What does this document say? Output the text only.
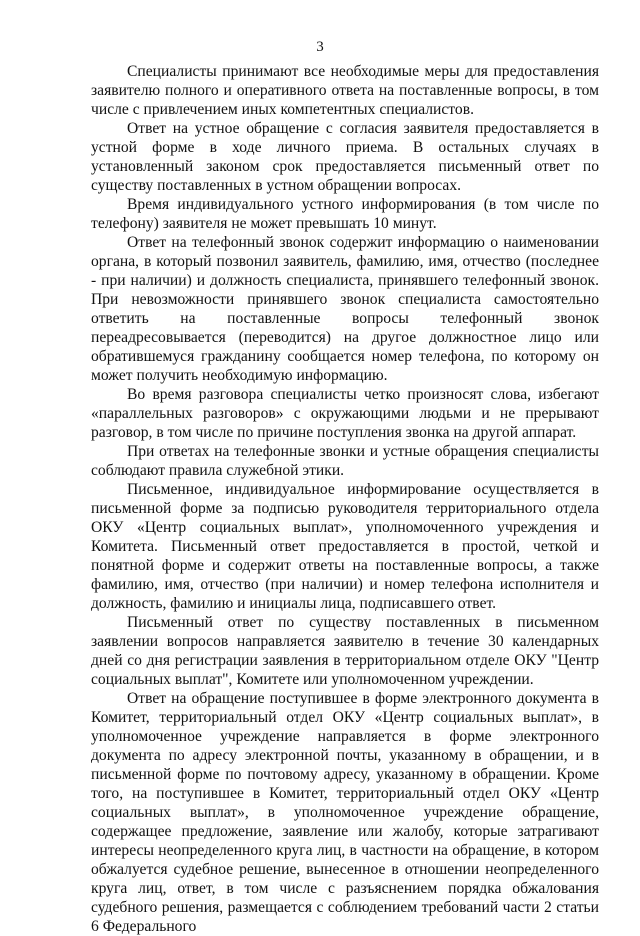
3

Специалисты принимают все необходимые меры для предоставления заявителю полного и оперативного ответа на поставленные вопросы, в том числе с привлечением иных компетентных специалистов.

Ответ на устное обращение с согласия заявителя предоставляется в устной форме в ходе личного приема. В остальных случаях в установленный законом срок предоставляется письменный ответ по существу поставленных в устном обращении вопросах.

Время индивидуального устного информирования (в том числе по телефону) заявителя не может превышать 10 минут.

Ответ на телефонный звонок содержит информацию о наименовании органа, в который позвонил заявитель, фамилию, имя, отчество (последнее - при наличии) и должность специалиста, принявшего телефонный звонок. При невозможности принявшего звонок специалиста самостоятельно ответить на поставленные вопросы телефонный звонок переадресовывается (переводится) на другое должностное лицо или обратившемуся гражданину сообщается номер телефона, по которому он может получить необходимую информацию.

Во время разговора специалисты четко произносят слова, избегают «параллельных разговоров» с окружающими людьми и не прерывают разговор, в том числе по причине поступления звонка на другой аппарат.

При ответах на телефонные звонки и устные обращения специалисты соблюдают правила служебной этики.

Письменное, индивидуальное информирование осуществляется в письменной форме за подписью руководителя территориального отдела ОКУ «Центр социальных выплат», уполномоченного учреждения и Комитета. Письменный ответ предоставляется в простой, четкой и понятной форме и содержит ответы на поставленные вопросы, а также фамилию, имя, отчество (при наличии) и номер телефона исполнителя и должность, фамилию и инициалы лица, подписавшего ответ.

Письменный ответ по существу поставленных в письменном заявлении вопросов направляется заявителю в течение 30 календарных дней со дня регистрации заявления в территориальном отделе ОКУ "Центр социальных выплат", Комитете или уполномоченном учреждении.

Ответ на обращение поступившее в форме электронного документа в Комитет, территориальный отдел ОКУ «Центр социальных выплат», в уполномоченное учреждение направляется в форме электронного документа по адресу электронной почты, указанному в обращении, и в письменной форме по почтовому адресу, указанному в обращении. Кроме того, на поступившее в Комитет, территориальный отдел ОКУ «Центр социальных выплат», в уполномоченное учреждение обращение, содержащее предложение, заявление или жалобу, которые затрагивают интересы неопределенного круга лиц, в частности на обращение, в котором обжалуется судебное решение, вынесенное в отношении неопределенного круга лиц, ответ, в том числе с разъяснением порядка обжалования судебного решения, размещается с соблюдением требований части 2 статьи 6 Федерального
